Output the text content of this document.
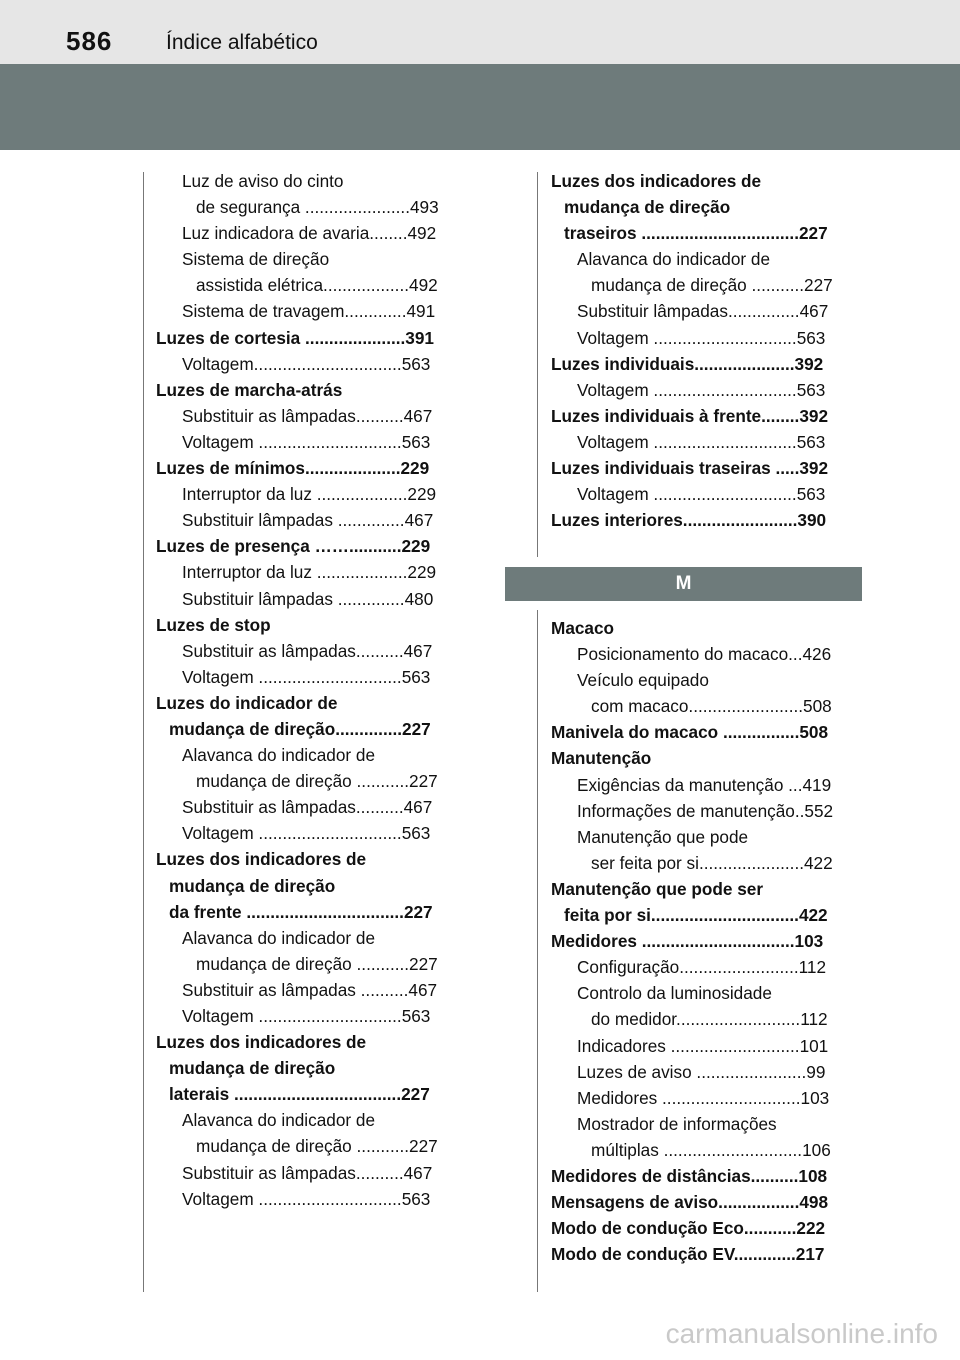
586	Índice alfabético
Luz de aviso do cinto
de segurança ......................493
Luz indicadora de avaria........492
Sistema de direção
assistida elétrica..................492
Sistema de travagem.............491
Luzes de cortesia .....................391
Voltagem...............................563
Luzes de marcha-atrás
Substituir as lâmpadas..........467
Voltagem ..............................563
Luzes de mínimos....................229
Interruptor da luz ...................229
Substituir lâmpadas ..............467
Luzes de presença ……...........229
Interruptor da luz ...................229
Substituir lâmpadas ..............480
Luzes de stop
Substituir as lâmpadas..........467
Voltagem ..............................563
Luzes do indicador de
mudança de direção..............227
Alavanca do indicador de
mudança de direção ...........227
Substituir as lâmpadas..........467
Voltagem ..............................563
Luzes dos indicadores de
mudança de direção
da frente .................................227
Alavanca do indicador de
mudança de direção ...........227
Substituir as lâmpadas ..........467
Voltagem ..............................563
Luzes dos indicadores de
mudança de direção
laterais ...................................227
Alavanca do indicador de
mudança de direção ...........227
Substituir as lâmpadas..........467
Voltagem ..............................563
Luzes dos indicadores de
mudança de direção
traseiros .................................227
Alavanca do indicador de
mudança de direção ...........227
Substituir lâmpadas...............467
Voltagem ..............................563
Luzes individuais.....................392
Voltagem ..............................563
Luzes individuais à frente........392
Voltagem ..............................563
Luzes individuais traseiras .....392
Voltagem ..............................563
Luzes interiores........................390
M
Macaco
Posicionamento do macaco...426
Veículo equipado
com macaco........................508
Manivela do macaco ................508
Manutenção
Exigências da manutenção ...419
Informações de manutenção..552
Manutenção que pode
ser feita por si......................422
Manutenção que pode ser
feita por si...............................422
Medidores ................................103
Configuração.........................112
Controlo da luminosidade
do medidor..........................112
Indicadores ...........................101
Luzes de aviso .......................99
Medidores .............................103
Mostrador de informações
múltiplas .............................106
Medidores de distâncias..........108
Mensagens de aviso.................498
Modo de condução Eco...........222
Modo de condução EV.............217
carmanualsonline.info
